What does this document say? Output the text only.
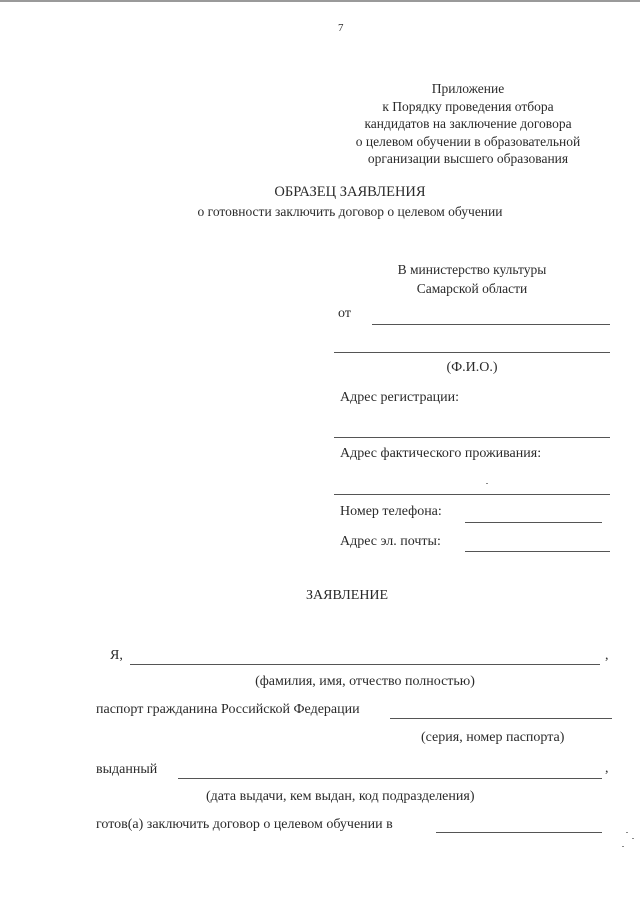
7
Приложение
к Порядку проведения отбора
кандидатов на заключение договора
о целевом обучении в образовательной
организации высшего образования
ОБРАЗЕЦ ЗАЯВЛЕНИЯ
о готовности заключить договор о целевом обучении
В министерство культуры
Самарской области
от
(Ф.И.О.)
Адрес регистрации:
Адрес фактического проживания:
Номер телефона:
Адрес эл. почты:
ЗАЯВЛЕНИЕ
Я,	,
(фамилия, имя, отчество полностью)
паспорт гражданина Российской Федерации
(серия, номер паспорта)
выданный	,
(дата выдачи, кем выдан, код подразделения)
готов(а) заключить договор о целевом обучении в
